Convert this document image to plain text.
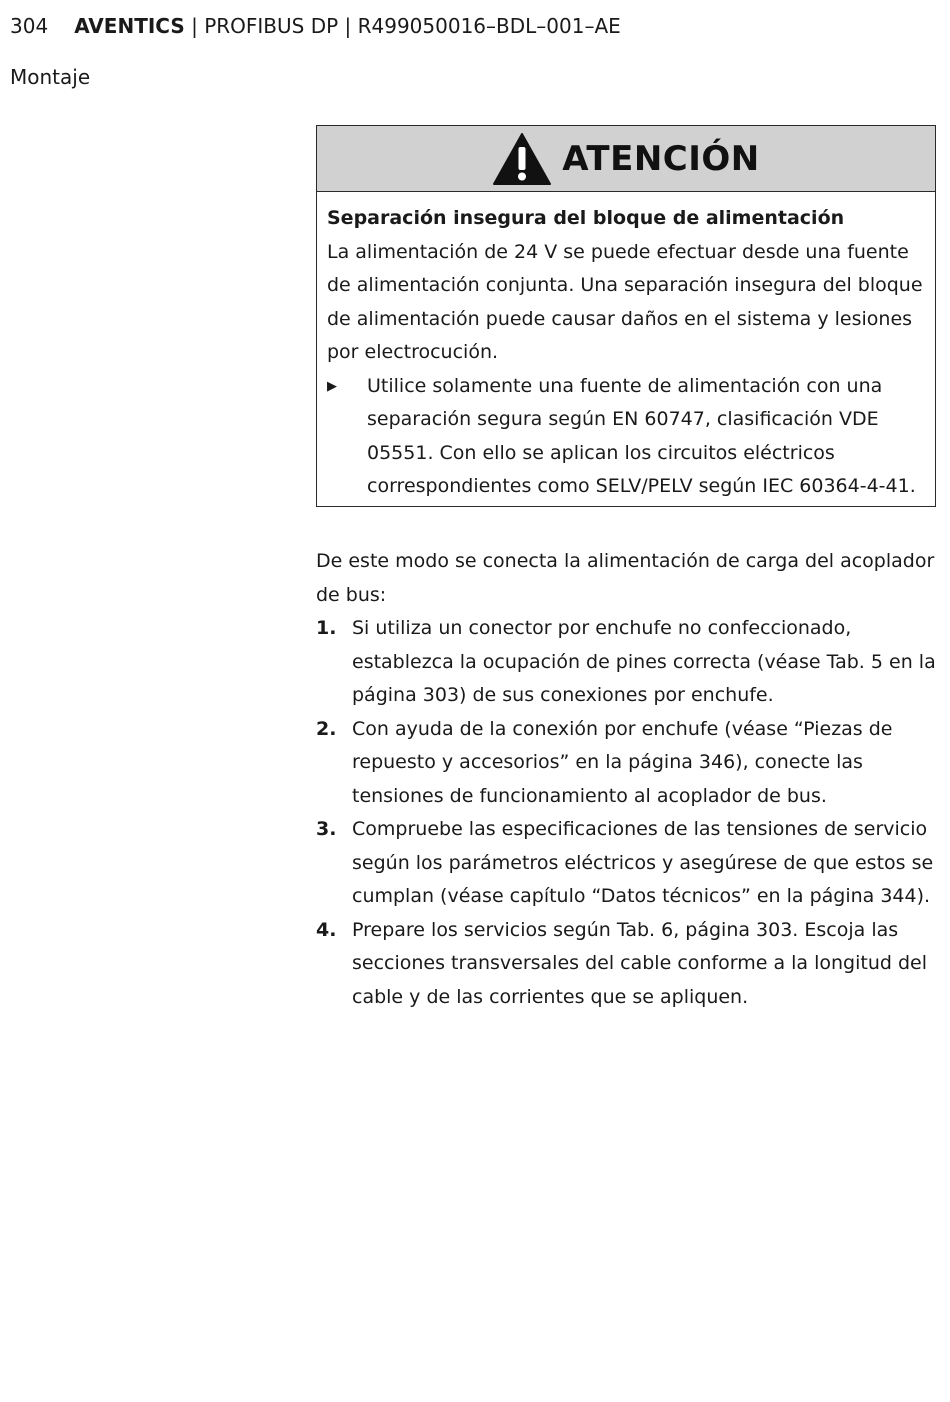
304 AVENTICS | PROFIBUS DP | R499050016–BDL–001–AE
Montaje
ATENCIÓN
Separación insegura del bloque de alimentación
La alimentación de 24 V se puede efectuar desde una fuente de alimentación conjunta. Una separación insegura del bloque de alimentación puede causar daños en el sistema y lesiones por electrocución.
▶	Utilice solamente una fuente de alimentación con una separación segura según EN 60747, clasificación VDE 05551. Con ello se aplican los circuitos eléctricos correspondientes como SELV/PELV según IEC 60364-4-41.
De este modo se conecta la alimentación de carga del acoplador de bus:
1. Si utiliza un conector por enchufe no confeccionado, establezca la ocupación de pines correcta (véase Tab. 5 en la página 303) de sus conexiones por enchufe.
2. Con ayuda de la conexión por enchufe (véase “Piezas de repuesto y accesorios” en la página 346), conecte las tensiones de funcionamiento al acoplador de bus.
3. Compruebe las especificaciones de las tensiones de servicio según los parámetros eléctricos y asegúrese de que estos se cumplan (véase capítulo “Datos técnicos” en la página 344).
4. Prepare los servicios según Tab. 6, página 303. Escoja las secciones transversales del cable conforme a la longitud del cable y de las corrientes que se apliquen.
